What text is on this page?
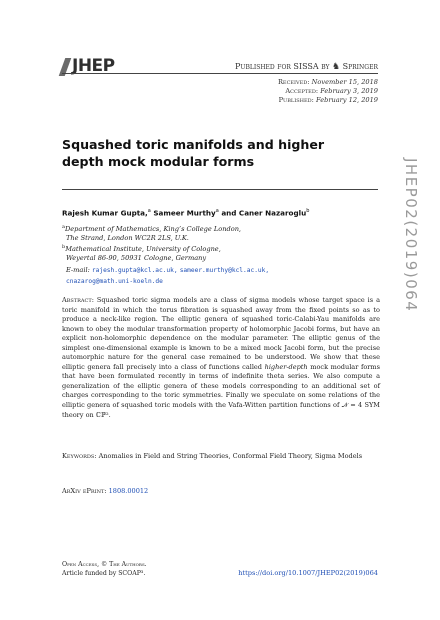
JHEP	Published for SISSA by ♞ Springer
Received: November 15, 2018
Accepted: February 3, 2019
Published: February 12, 2019
JHEP02(2019)064
Squashed toric manifolds and higher depth mock modular forms
Rajesh Kumar Gupta,$^a$ Sameer Murthy$^a$ and Caner Nazaroglu$^b$
$^a$Department of Mathematics, King’s College London,
The Strand, London WC2R 2LS, U.K.
$^b$Mathematical Institute, University of Cologne,
Weyertal 86-90, 50931 Cologne, Germany
E-mail: rajesh.gupta@kcl.ac.uk, sameer.murthy@kcl.ac.uk,
cnazarog@math.uni-koeln.de
Abstract: Squashed toric sigma models are a class of sigma models whose target space is a toric manifold in which the torus fibration is squashed away from the fixed points so as to produce a neck-like region. The elliptic genera of squashed toric-Calabi-Yau manifolds are known to obey the modular transformation property of holomorphic Jacobi forms, but have an explicit non-holomorphic dependence on the modular parameter. The elliptic genus of the simplest one-dimensional example is known to be a mixed mock Jacobi form, but the precise automorphic nature for the general case remained to be understood. We show that these elliptic genera fall precisely into a class of functions called higher-depth mock modular forms that have been formulated recently in terms of indefinite theta series. We also compute a generalization of the elliptic genera of these models corresponding to an additional set of charges corresponding to the toric symmetries. Finally we speculate on some relations of the elliptic genera of squashed toric models with the Vafa-Witten partition functions of 𝒩 = 4 SYM theory on ℂℙ².
Keywords: Anomalies in Field and String Theories, Conformal Field Theory, Sigma Models
ArXiv ePrint: 1808.00012
Open Access, © The Authors.
Article funded by SCOAP³.	https://doi.org/10.1007/JHEP02(2019)064
